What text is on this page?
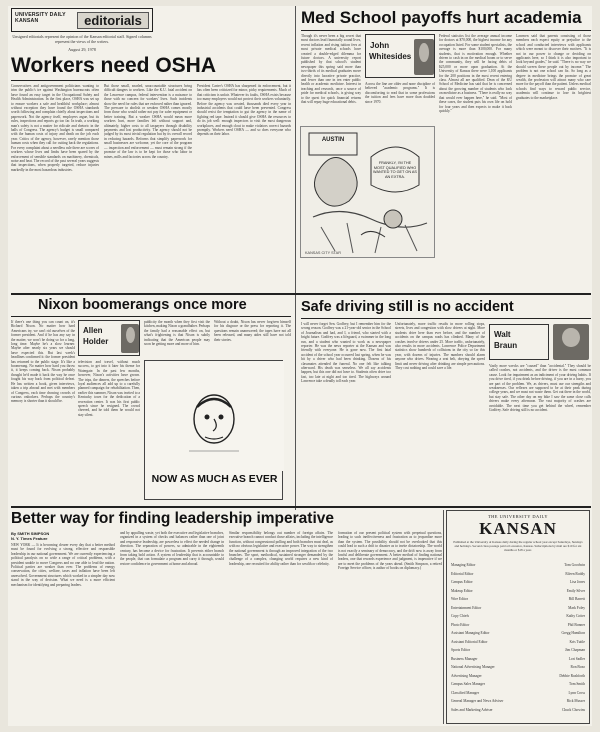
UNIVERSITY DAILY KANSAN	editorials
Unsigned editorials represent the opinion of the Kansan editorial staff. Signed columns represent the views of the writers.
August 29, 1978
Workers need OSHA
Conservatives and antigovernment politicians wanting to trim the public's ire against Washington bureaucrats often have found an easy target in the Occupational Safety and Health Administration. In the first place, OSHA was set up to ensure workers a safe and healthful workplace; almost without exception they have found the OSHA standards worth following and complain chiefly about inspections and paperwork. Not the agency itself, employers argue, but its rules, inspections and reports go too far. In truth, a working man's safety is not a matter for ridicule and rhetoric in the halls of Congress. The agency's budget is small compared with the human costs of injury and death on the job each year. Critics of the agency, however, rarely mention those human costs when they call for cutting back the regulations. For every complaint about a needless rule there are scores of workers whose lives and limbs have been spared by the enforcement of sensible standards on machinery, chemicals, noise and heat. The record of the past several years suggests that inspections, when properly targeted, reduce injuries markedly in the most hazardous industries.
But those small, snarled, unaccountable structures bring difficult dangers to workers. Like the K.U. fatal accident on the Lawrence campus, federal intervention is a nuisance to those with no concern for workers' lives. Such incidents show the need for rules that are enforced rather than ignored. The pressure to abolish or weaken OSHA comes mostly from those who would rather not pay for safer equipment or better training. But a weaker OSHA would mean more workers hurt, more families left without support and, ultimately, higher costs to all taxpayers through disability payments and lost productivity. The agency should not be judged by its most trivial regulation but by its overall record in reducing hazards. Reforms that simplify paperwork for small businesses are welcome, yet the core of the program — inspection and enforcement — must remain strong if the promise of the law is to be kept for those who labor in mines, mills and factories across the country.
President Carter's OSHA has sharpened its enforcement, but it has often been criticized for minor, picky requirements. Much of that criticism is unfair. Whatever its faults, OSHA exists because too many employers would not protect their workers voluntarily. Before the agency was created, thousands died every year in industrial accidents that could have been prevented. Congress should resist the temptation to gut the agency in the name of fighting red tape. Instead it should give OSHA the resources to do its job well: enough inspectors to visit the most dangerous workplaces, and enough clout to make violators correct hazards promptly. Workers need OSHA — and so does everyone who depends on their labor.
Med School payoffs hurt academia
Though it's never been a big secret that most doctors lead financially sound lives, recent inflation and rising tuition fees at most private medical schools have created a double-edged dilemma for future doctors. A university report published by that school's student newspaper this spring said more than two-thirds of its medical graduates move directly into lucrative private practice, and fewer than one in ten enter public health or academic medicine. Interest in teaching and research, once a source of pride for medical schools, is giving way to the quest for quick financial returns that will repay huge educational debts.
John
Whitesides
Across the line are older and none discipline of believed "academic programs." It is discomforting to read that in some professions the tuition and fees have more than doubled since 1970.
Federal statistics list the average annual income for doctors at $70,000, the highest income for any occupation listed. For some student specialists, the average is more than $100,000. For many students, that is motivation enough. Whether driven to cash in on the medical boom or to serve the community, they will be facing debts of $25,000 or more upon graduation. At the University of Kansas there were 1,100 applicants for the 200 positions in the most recent entering class. Almost all are qualified. Dean of the KU School of Medicine has said that he is concerned about the growing number of students who look on medicine as a business. "There is really no way that would ever happen here," he said. "Most of these cases, the student puts his own life on hold for four years and then expects to make it back quickly."
Lawmen said that parents consisting of those members each expect equity or prejudice to the school and conducted interviews with applicants which were meant to discover their motives. "It is not in our power to change or deciding on applicants here, so I think it is also important to look beyond grades," he said. "There is no way we should screen these people out by income." The problem is not one school can fix. So long as a degree in medicine brings the promise of great wealth, the profession will attract many who care more for the payoff than the patient. Unless medical schools find ways to reward public service, academia will continue to lose its brightest graduates to the marketplace.
AUSTIN
FRANKLY, I'M THE MOST QUALIFIED WHO WANTED TO GET ON AS AN EXTRA.
KANSAS CITY STAR
Nixon boomerangs once more
If there's one thing you can count on, it's Richard Nixon. No matter how hard Americans try, we can't rid ourselves of the former president. And if he has any say in the matter, we won't be doing so for a long, long time. Maybe he's a slow learner. Maybe after nearly six years we should have expected this. But last week's headlines confirmed it: the former president has returned to the public stage. It's like a boomerang. No matter how hard you throw it, it keeps coming back. Nixon probably thought he'd made it back the way he once fought his way back from political defeat. He has written a book, given interviews, taken a trip abroad and met with members of Congress, each time drawing crowds of curious onlookers. Perhaps the country's memory is shorter than it should be.
Allen
Holder
television and travel, without much success, to get into it later his theme for Watergate. In the past few months, however, Nixon's activities have grown. The trips, the dinners, the speeches before loyal audiences all add up to a carefully planned campaign for rehabilitation. Then, earlier this summer, Nixon was invited to a Kentucky town for the dedication of a recreation center. It was his first public speech since he resigned. The crowd cheered, and he told them he would not stay silent.
publicity the month when they first visit the kitchen, making Nixon a grandfather. Perhaps the family had a reasonable effect on, but what's frightening is that Nixon is subtly indicating that the American people may soon be getting more and more of him.
Without a doubt, Nixon has never forgiven himself for his disgrace or the press for reporting it. The questions remain unanswered; the tapes have not all been released, and many aides still have not told their stories.
NOW AS MUCH AS EVER
Safe driving still is no accident
I will never forget Sen. Godfrey, but I remember him for the wrong reason. Godfrey was a 21-year-old senior in the School of Journalism and had, and I, a friend, who started with a bright future. Godfrey was a lifeguard, a swimmer in the long run, and a student who wanted to work as a newspaper reporter. He was the news reporter at the Kansan and was friendly with everyone. He is gone now. The first fatal accident of the school year occurred last spring, when he was hit by a driver who had been drinking. Dozens of his classmates attended the funeral. No one felt like talking afterward. His death was senseless. We all say accidents happen, but this one did not have to. Students often drive too fast, too late at night and too tired. The highways around Lawrence take a deadly toll each year.
Unfortunately, more traffic results in more rolling stops, streets, lives and congestion with slow drivers at night. More students drive here than ever before, and the number of accidents on the campus roads has climbed. Many of the crashes involve drivers under 25. More traffic, unfortunately, also results in more accidents. Lawrence Police Department statistics show hundreds of collisions in the city so far this year, with dozens of injuries. The numbers should alarm anyone who drives. Wearing a seat belt, obeying the speed limit and never driving after drinking are simple precautions. They cost nothing and could save a life.
Walt
Braun
Vastly more wrecks are "caused" than "accidental." They should be called crashes, not accidents, and the driver is the most common cause. Look for impairment as an indictment of your driving habits. If you drive tired, if you drink before driving, if you are in a hurry, you are part of the problem. We, as drivers, must use our strengths and weaknesses. Our reflexes are supposed to be at their peak during college years, and we must not waste them. Get out there in the world, but stay safe. The other day on my bike I saw the same close calls drivers make every afternoon. The vast majority of crashes are avoidable. The next time you get behind the wheel, remember Godfrey. Safe driving still is no accident.
Better way for finding leadership imperative
By SMITH SIMPSON
N. Y. Times Feature
NEW YORK — It is becoming clearer every day that a better method must be found for evolving a strong, effective and responsible leadership in our national government. We are currently experiencing a political paralysis on so wide a range of critical problems, with a president unable to move Congress and no one able to lead the nation. Political parties are weaker than ever. The problems of energy conservation, the cities, welfare, taxes and inflation have been left unresolved. Government structures which worked in a simpler day now stand in the way of decision. What we need is a more efficient mechanism for identifying and preparing leaders.
and by appalling waste, yet both the executive and legislative branches, organized in a system of checks and balances rather than one of joint and responsive leadership, are powerless to effect the needed change in direction. The separation of powers, so admirable in the eighteenth century, has become a device for frustration. It prevents either branch from taking bold action. A system of leadership that is accountable to the people, that can formulate a program and carry it through, would restore confidence in government at home and abroad.
Similar responsibility belongs out number of foreign affairs. The executive branch cannot conduct those affairs, including the intelligence function, without congressional polling and both branches must deal, as with no obvious legislative and executive power. The way to strengthen the national government is through an improved integration of the two branches. The sport, methodical, sustained stronger demanded by the challenge of a complex, changing world requires a new kind of leadership, one recruited for ability rather than for wealth or celebrity.
formation of our present political system with perpetual questions, leading to such ineffectiveness and frustration as to jeopardize more than the system. The possibility should not be overlooked that this could lead to such a drift to disaster as to invite dictatorship. The world is not exactly a seminary of democracy, and the drift now is away from lawful and deliberate government. A better method of finding national leaders, one that rewards experience and judgment, is imperative if we are to meet the problems of the years ahead. (Smith Simpson, a retired Foreign Service officer, is author of books on diplomacy.)
THE UNIVERSITY DAILY
KANSAN
Published at the University of Kansas daily during the regular school year except Saturdays, Sundays and holidays. Second class postage paid at Lawrence, Kansas. Subscriptions by mail are $10 for six months or $18 a year.
Managing Editor	Tom Goodwin
Editorial Editor	Eileen Roddy
Campus Editor	Lisa Jones
Makeup Editor	Emily Silver
Wire Editor	Bill Barrett
Entertainment Editor	Mark Foley
Copy Chiefs	Kathy Cotter
Photo Editor	Phil Bonner
Assistant Managing Editor	Gregg Hamilton
Assistant Editorial Editor	Kris Tuttle
Sports Editor	Jim Chapman
Business Manager	Lori Sadler
National Advertising Manager	Ron Bozo
Advertising Manager	Debbie Rushforth
Campus Sales Manager	Tom Smith
Classified Manager	Lynn Cross
General Manager and News Adviser	Rick Musser
Sales and Marketing Adviser	Chuck Chowins
